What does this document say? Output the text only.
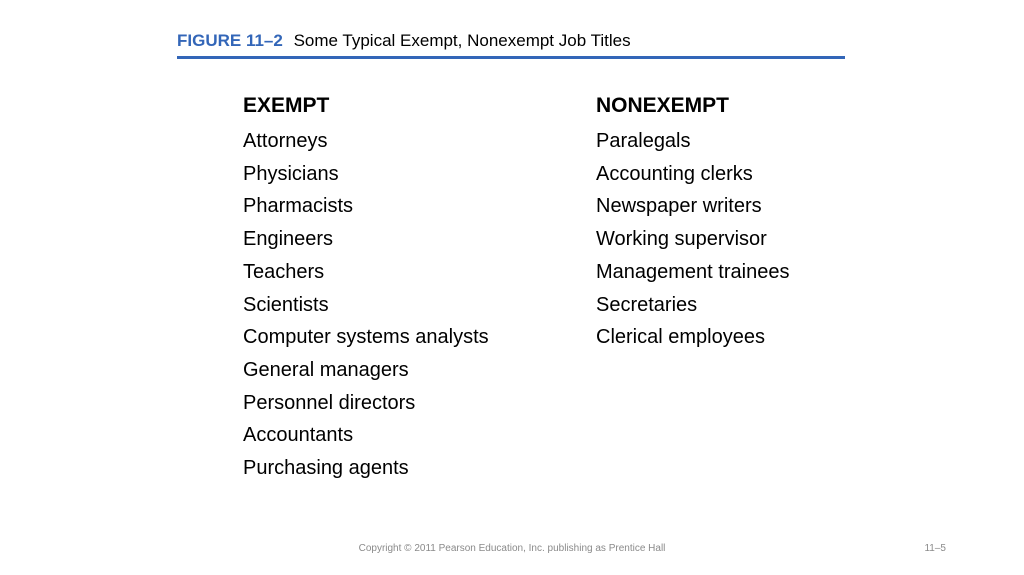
FIGURE 11–2 Some Typical Exempt, Nonexempt Job Titles
EXEMPT
Attorneys
Physicians
Pharmacists
Engineers
Teachers
Scientists
Computer systems analysts
General managers
Personnel directors
Accountants
Purchasing agents
NONEXEMPT
Paralegals
Accounting clerks
Newspaper writers
Working supervisor
Management trainees
Secretaries
Clerical employees
Copyright © 2011 Pearson Education, Inc. publishing as Prentice Hall	11–5
